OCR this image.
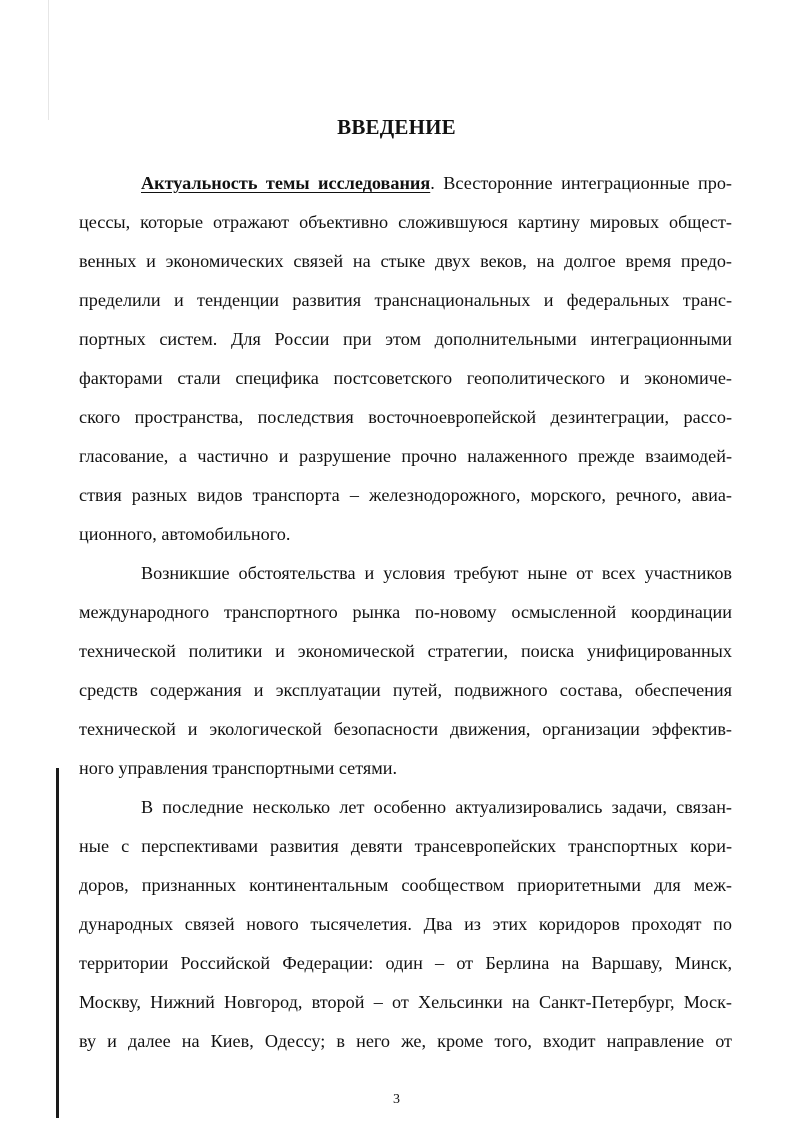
ВВЕДЕНИЕ
Актуальность темы исследования. Всесторонние интеграционные про-
цессы, которые отражают объективно сложившуюся картину мировых общест-
венных и экономических связей на стыке двух веков, на долгое время предо-
пределили и тенденции развития транснациональных и федеральных транс-
портных систем. Для России при этом дополнительными интеграционными
факторами стали специфика постсоветского геополитического и экономиче-
ского пространства, последствия восточноевропейской дезинтеграции, рассо-
гласование, а частично и разрушение прочно налаженного прежде взаимодей-
ствия разных видов транспорта – железнодорожного, морского, речного, авиа-
ционного, автомобильного.
Возникшие обстоятельства и условия требуют ныне от всех участников
международного транспортного рынка по-новому осмысленной координации
технической политики и экономической стратегии, поиска унифицированных
средств содержания и эксплуатации путей, подвижного состава, обеспечения
технической и экологической безопасности движения, организации эффектив-
ного управления транспортными сетями.
В последние несколько лет особенно актуализировались задачи, связан-
ные с перспективами развития девяти трансевропейских транспортных кори-
доров, признанных континентальным сообществом приоритетными для меж-
дународных связей нового тысячелетия. Два из этих коридоров проходят по
территории Российской Федерации: один – от Берлина на Варшаву, Минск,
Москву, Нижний Новгород, второй – от Хельсинки на Санкт-Петербург, Моск-
ву и далее на Киев, Одессу; в него же, кроме того, входит направление от
3
